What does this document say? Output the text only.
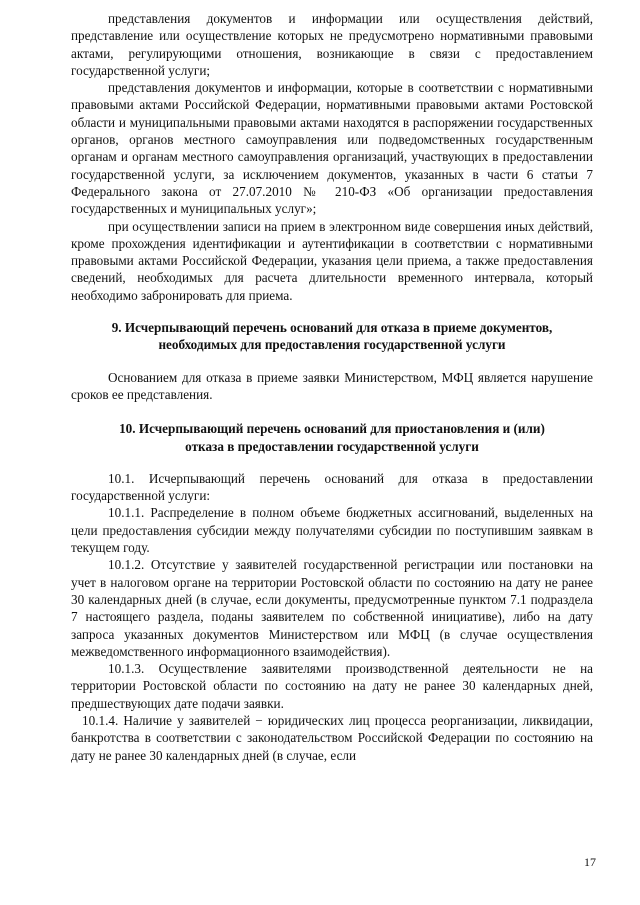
представления документов и информации или осуществления действий, представление или осуществление которых не предусмотрено нормативными правовыми актами, регулирующими отношения, возникающие в связи с предоставлением государственной услуги;

представления документов и информации, которые в соответствии с нормативными правовыми актами Российской Федерации, нормативными правовыми актами Ростовской области и муниципальными правовыми актами находятся в распоряжении государственных органов, органов местного самоуправления или подведомственных государственным органам и органам местного самоуправления организаций, участвующих в предоставлении государственной услуги, за исключением документов, указанных в части 6 статьи 7 Федерального закона от 27.07.2010 № 210-ФЗ «Об организации предоставления государственных и муниципальных услуг»;

при осуществлении записи на прием в электронном виде совершения иных действий, кроме прохождения идентификации и аутентификации в соответствии с нормативными правовыми актами Российской Федерации, указания цели приема, а также предоставления сведений, необходимых для расчета длительности временного интервала, который необходимо забронировать для приема.

9. Исчерпывающий перечень оснований для отказа в приеме документов,

необходимых для предоставления государственной услуги

Основанием для отказа в приеме заявки Министерством, МФЦ является нарушение сроков ее представления.

10. Исчерпывающий перечень оснований для приостановления и (или)

отказа в предоставлении государственной услуги

10.1. Исчерпывающий перечень оснований для отказа в предоставлении государственной услуги:

10.1.1. Распределение в полном объеме бюджетных ассигнований, выделенных на цели предоставления субсидии между получателями субсидии по поступившим заявкам в текущем году.

10.1.2. Отсутствие у заявителей государственной регистрации или постановки на учет в налоговом органе на территории Ростовской области по состоянию на дату не ранее 30 календарных дней (в случае, если документы, предусмотренные пунктом 7.1 подраздела 7 настоящего раздела, поданы заявителем по собственной инициативе), либо на дату запроса указанных документов Министерством или МФЦ (в случае осуществления межведомственного информационного взаимодействия).

10.1.3. Осуществление заявителями производственной деятельности не на территории Ростовской области по состоянию на дату не ранее 30 календарных дней, предшествующих дате подачи заявки.

10.1.4. Наличие у заявителей − юридических лиц процесса реорганизации, ликвидации, банкротства в соответствии с законодательством Российской Федерации по состоянию на дату не ранее 30 календарных дней (в случае, если

17
